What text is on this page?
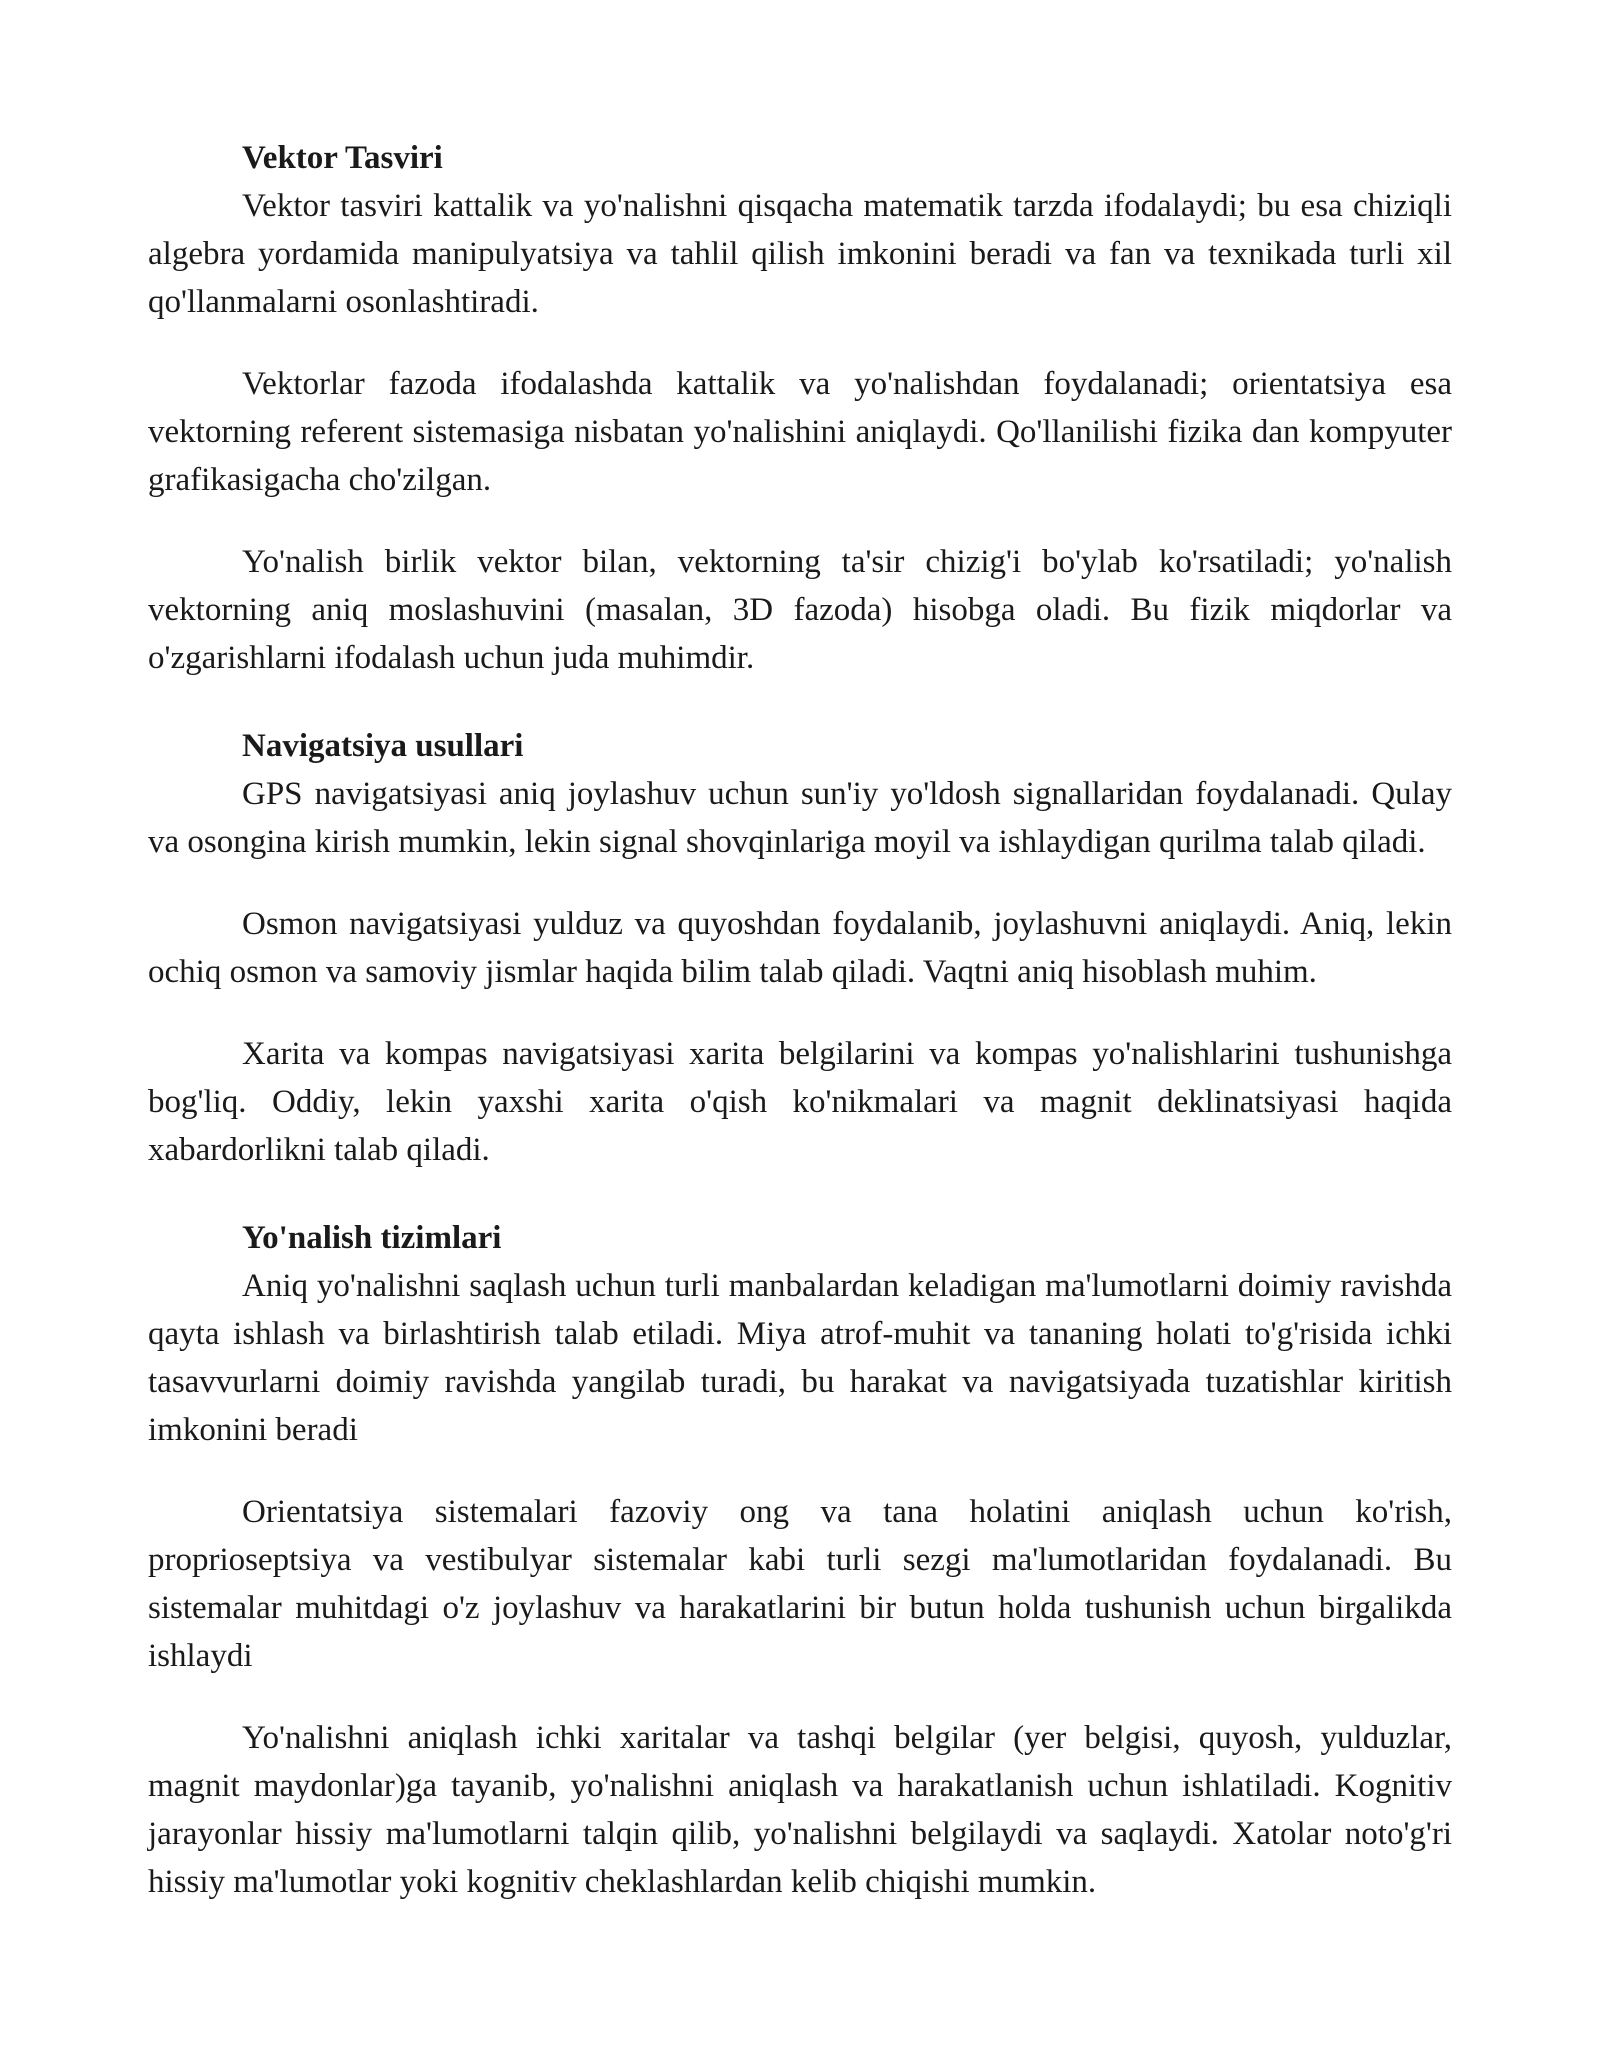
Vektor Tasviri

Vektor tasviri kattalik va yo'nalishni qisqacha matematik tarzda ifodalaydi; bu esa chiziqli algebra yordamida manipulyatsiya va tahlil qilish imkonini beradi va fan va texnikada turli xil qo'llanmalarni osonlashtiradi.

Vektorlar fazoda ifodalashda kattalik va yo'nalishdan foydalanadi; orientatsiya esa vektorning referent sistemasiga nisbatan yo'nalishini aniqlaydi. Qo'llanilishi fizika dan kompyuter grafikasigacha cho'zilgan.

Yo'nalish birlik vektor bilan, vektorning ta'sir chizig'i bo'ylab ko'rsatiladi; yo'nalish vektorning aniq moslashuvini (masalan, 3D fazoda) hisobga oladi. Bu fizik miqdorlar va o'zgarishlarni ifodalash uchun juda muhimdir.

Navigatsiya usullari

GPS navigatsiyasi aniq joylashuv uchun sun'iy yo'ldosh signallaridan foydalanadi. Qulay va osongina kirish mumkin, lekin signal shovqinlariga moyil va ishlaydigan qurilma talab qiladi.

Osmon navigatsiyasi yulduz va quyoshdan foydalanib, joylashuvni aniqlaydi. Aniq, lekin ochiq osmon va samoviy jismlar haqida bilim talab qiladi. Vaqtni aniq hisoblash muhim.

Xarita va kompas navigatsiyasi xarita belgilarini va kompas yo'nalishlarini tushunishga bog'liq. Oddiy, lekin yaxshi xarita o'qish ko'nikmalari va magnit deklinatsiyasi haqida xabardorlikni talab qiladi.

Yo'nalish tizimlari

Aniq yo'nalishni saqlash uchun turli manbalardan keladigan ma'lumotlarni doimiy ravishda qayta ishlash va birlashtirish talab etiladi. Miya atrof-muhit va tananing holati to'g'risida ichki tasavvurlarni doimiy ravishda yangilab turadi, bu harakat va navigatsiyada tuzatishlar kiritish imkonini beradi

Orientatsiya sistemalari fazoviy ong va tana holatini aniqlash uchun ko'rish, proprioseptsiya va vestibulyar sistemalar kabi turli sezgi ma'lumotlaridan foydalanadi. Bu sistemalar muhitdagi o'z joylashuv va harakatlarini bir butun holda tushunish uchun birgalikda ishlaydi

Yo'nalishni aniqlash ichki xaritalar va tashqi belgilar (yer belgisi, quyosh, yulduzlar, magnit maydonlar)ga tayanib, yo'nalishni aniqlash va harakatlanish uchun ishlatiladi. Kognitiv jarayonlar hissiy ma'lumotlarni talqin qilib, yo'nalishni belgilaydi va saqlaydi. Xatolar noto'g'ri hissiy ma'lumotlar yoki kognitiv cheklashlardan kelib chiqishi mumkin.
